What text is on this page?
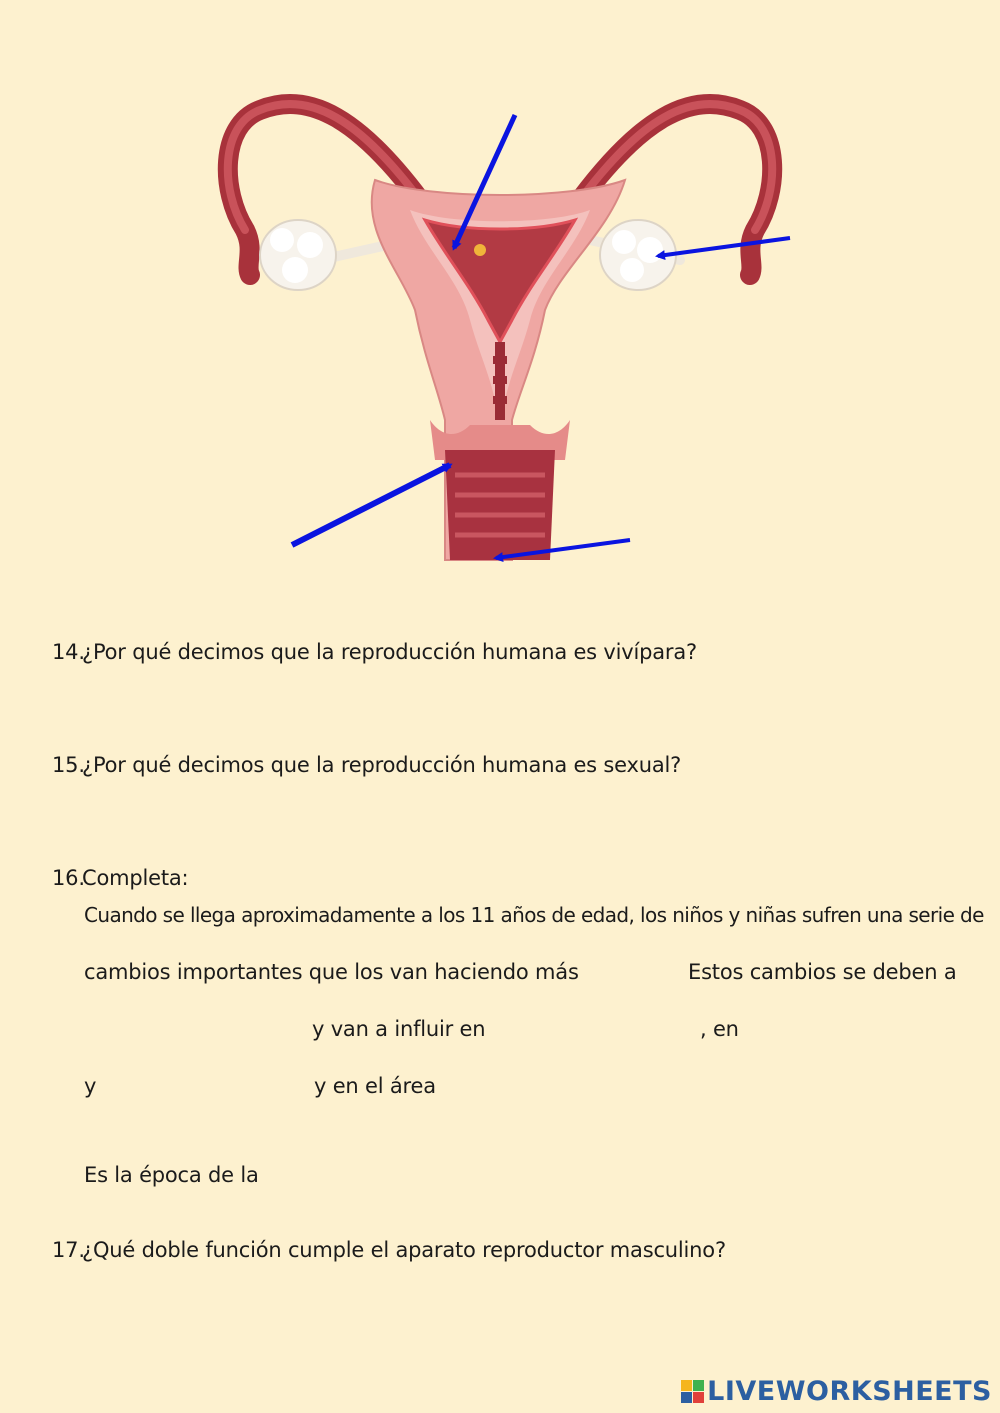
14.¿Por qué decimos que la reproducción humana es vivípara?
15.¿Por qué decimos que la reproducción humana es sexual?
16.Completa:
Cuando se llega aproximadamente a los 11 años de edad, los niños y niñas sufren una serie de
cambios importantes que los van haciendo más	Estos cambios se deben a
y van a influir en	, en
y	y en el área
Es la época de la
17.¿Qué doble función cumple el aparato reproductor masculino?
LIVEWORKSHEETS
